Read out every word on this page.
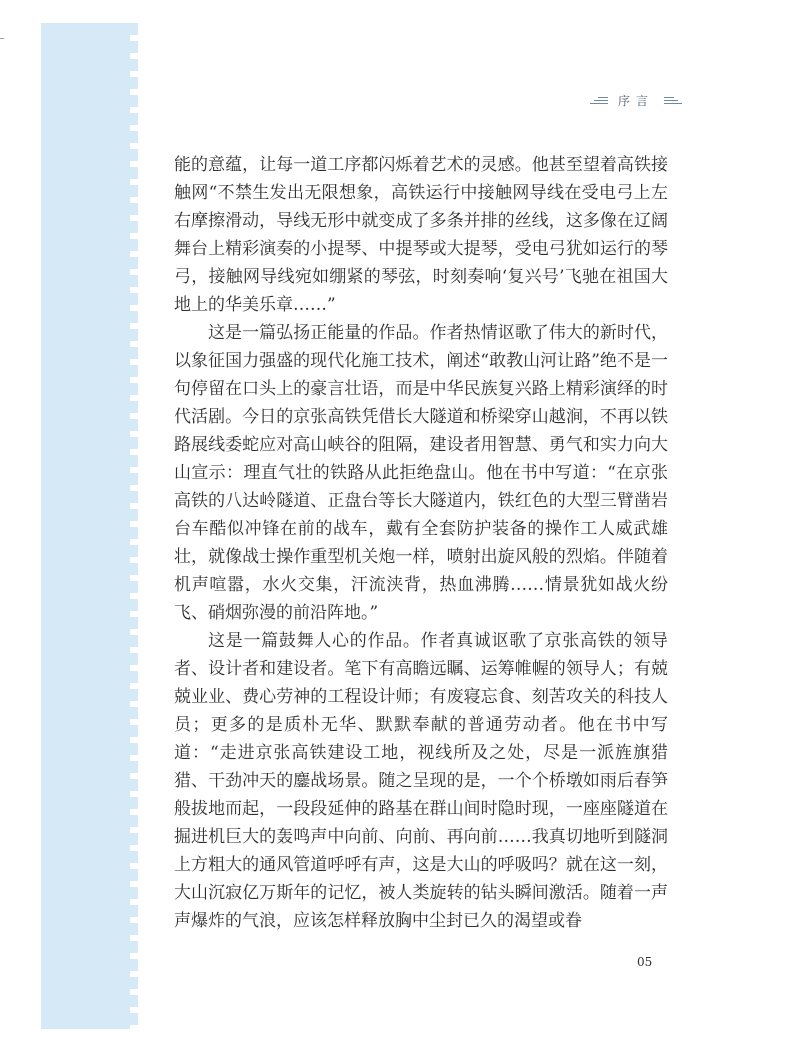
序言

能的意蕴，让每一道工序都闪烁着艺术的灵感。他甚至望着高铁接触网“不禁生发出无限想象，高铁运行中接触网导线在受电弓上左右摩擦滑动，导线无形中就变成了多条并排的丝线，这多像在辽阔舞台上精彩演奏的小提琴、中提琴或大提琴，受电弓犹如运行的琴弓，接触网导线宛如绷紧的琴弦，时刻奏响‘复兴号’飞驰在祖国大地上的华美乐章……”

这是一篇弘扬正能量的作品。作者热情讴歌了伟大的新时代，以象征国力强盛的现代化施工技术，阐述“敢教山河让路”绝不是一句停留在口头上的豪言壮语，而是中华民族复兴路上精彩演绎的时代活剧。今日的京张高铁凭借长大隧道和桥梁穿山越涧，不再以铁路展线委蛇应对高山峡谷的阻隔，建设者用智慧、勇气和实力向大山宣示：理直气壮的铁路从此拒绝盘山。他在书中写道：“在京张高铁的八达岭隧道、正盘台等长大隧道内，铁红色的大型三臂凿岩台车酷似冲锋在前的战车，戴有全套防护装备的操作工人威武雄壮，就像战士操作重型机关炮一样，喷射出旋风般的烈焰。伴随着机声喧嚣，水火交集，汗流浃背，热血沸腾……情景犹如战火纷飞、硝烟弥漫的前沿阵地。”

这是一篇鼓舞人心的作品。作者真诚讴歌了京张高铁的领导者、设计者和建设者。笔下有高瞻远瞩、运筹帷幄的领导人；有兢兢业业、费心劳神的工程设计师；有废寝忘食、刻苦攻关的科技人员；更多的是质朴无华、默默奉献的普通劳动者。他在书中写道：“走进京张高铁建设工地，视线所及之处，尽是一派旌旗猎猎、干劲冲天的鏖战场景。随之呈现的是，一个个桥墩如雨后春笋般拔地而起，一段段延伸的路基在群山间时隐时现，一座座隧道在掘进机巨大的轰鸣声中向前、向前、再向前……我真切地听到隧洞上方粗大的通风管道呼呼有声，这是大山的呼吸吗？就在这一刻，大山沉寂亿万斯年的记忆，被人类旋转的钻头瞬间激活。随着一声声爆炸的气浪，应该怎样释放胸中尘封已久的渴望或眷

05
